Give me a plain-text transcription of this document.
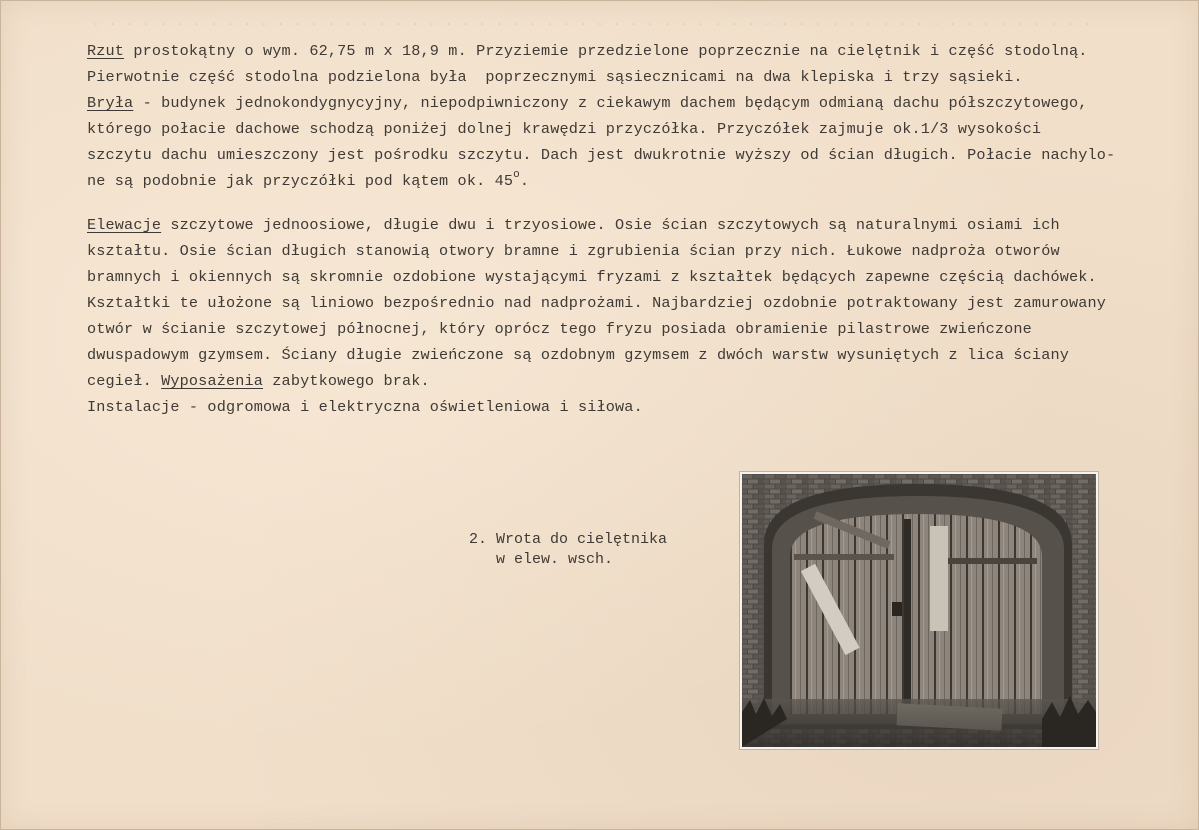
. . . . . . . . . . . . . . . . . . . . . . . . . . . . . . . . . . . . . . . . . . . . . . . . . . . . . . . . . . . .
Rzut prostokątny o wym. 62,75 m x 18,9 m. Przyziemie przedzielone poprzecznie na cielętnik i część stodolną.
Pierwotnie część stodolna podzielona była  poprzecznymi sąsiecznicami na dwa klepiska i trzy sąsieki.
Bryła - budynek jednokondygnycyjny, niepodpiwniczony z ciekawym dachem będącym odmianą dachu półszczytowego,
którego połacie dachowe schodzą poniżej dolnej krawędzi przyczółka. Przyczółek zajmuje ok.1/3 wysokości
szczytu dachu umieszczony jest pośrodku szczytu. Dach jest dwukrotnie wyższy od ścian długich. Połacie nachylo-
ne są podobnie jak przyczółki pod kątem ok. 45$^o$.
Elewacje szczytowe jednoosiowe, długie dwu i trzyosiowe. Osie ścian szczytowych są naturalnymi osiami ich
kształtu. Osie ścian długich stanowią otwory bramne i zgrubienia ścian przy nich. Łukowe nadproża otworów
bramnych i okiennych są skromnie ozdobione wystającymi fryzami z kształtek będących zapewne częścią dachówek.
Kształtki te ułożone są liniowo bezpośrednio nad nadprożami. Najbardziej ozdobnie potraktowany jest zamurowany
otwór w ścianie szczytowej północnej, który oprócz tego fryzu posiada obramienie pilastrowe zwieńczone
dwuspadowym gzymsem. Ściany długie zwieńczone są ozdobnym gzymsem z dwóch warstw wysuniętych z lica ściany
cegieł. Wyposażenia zabytkowego brak.
Instalacje - odgromowa i elektryczna oświetleniowa i siłowa.
2. Wrota do cielętnika
w elew. wsch.
